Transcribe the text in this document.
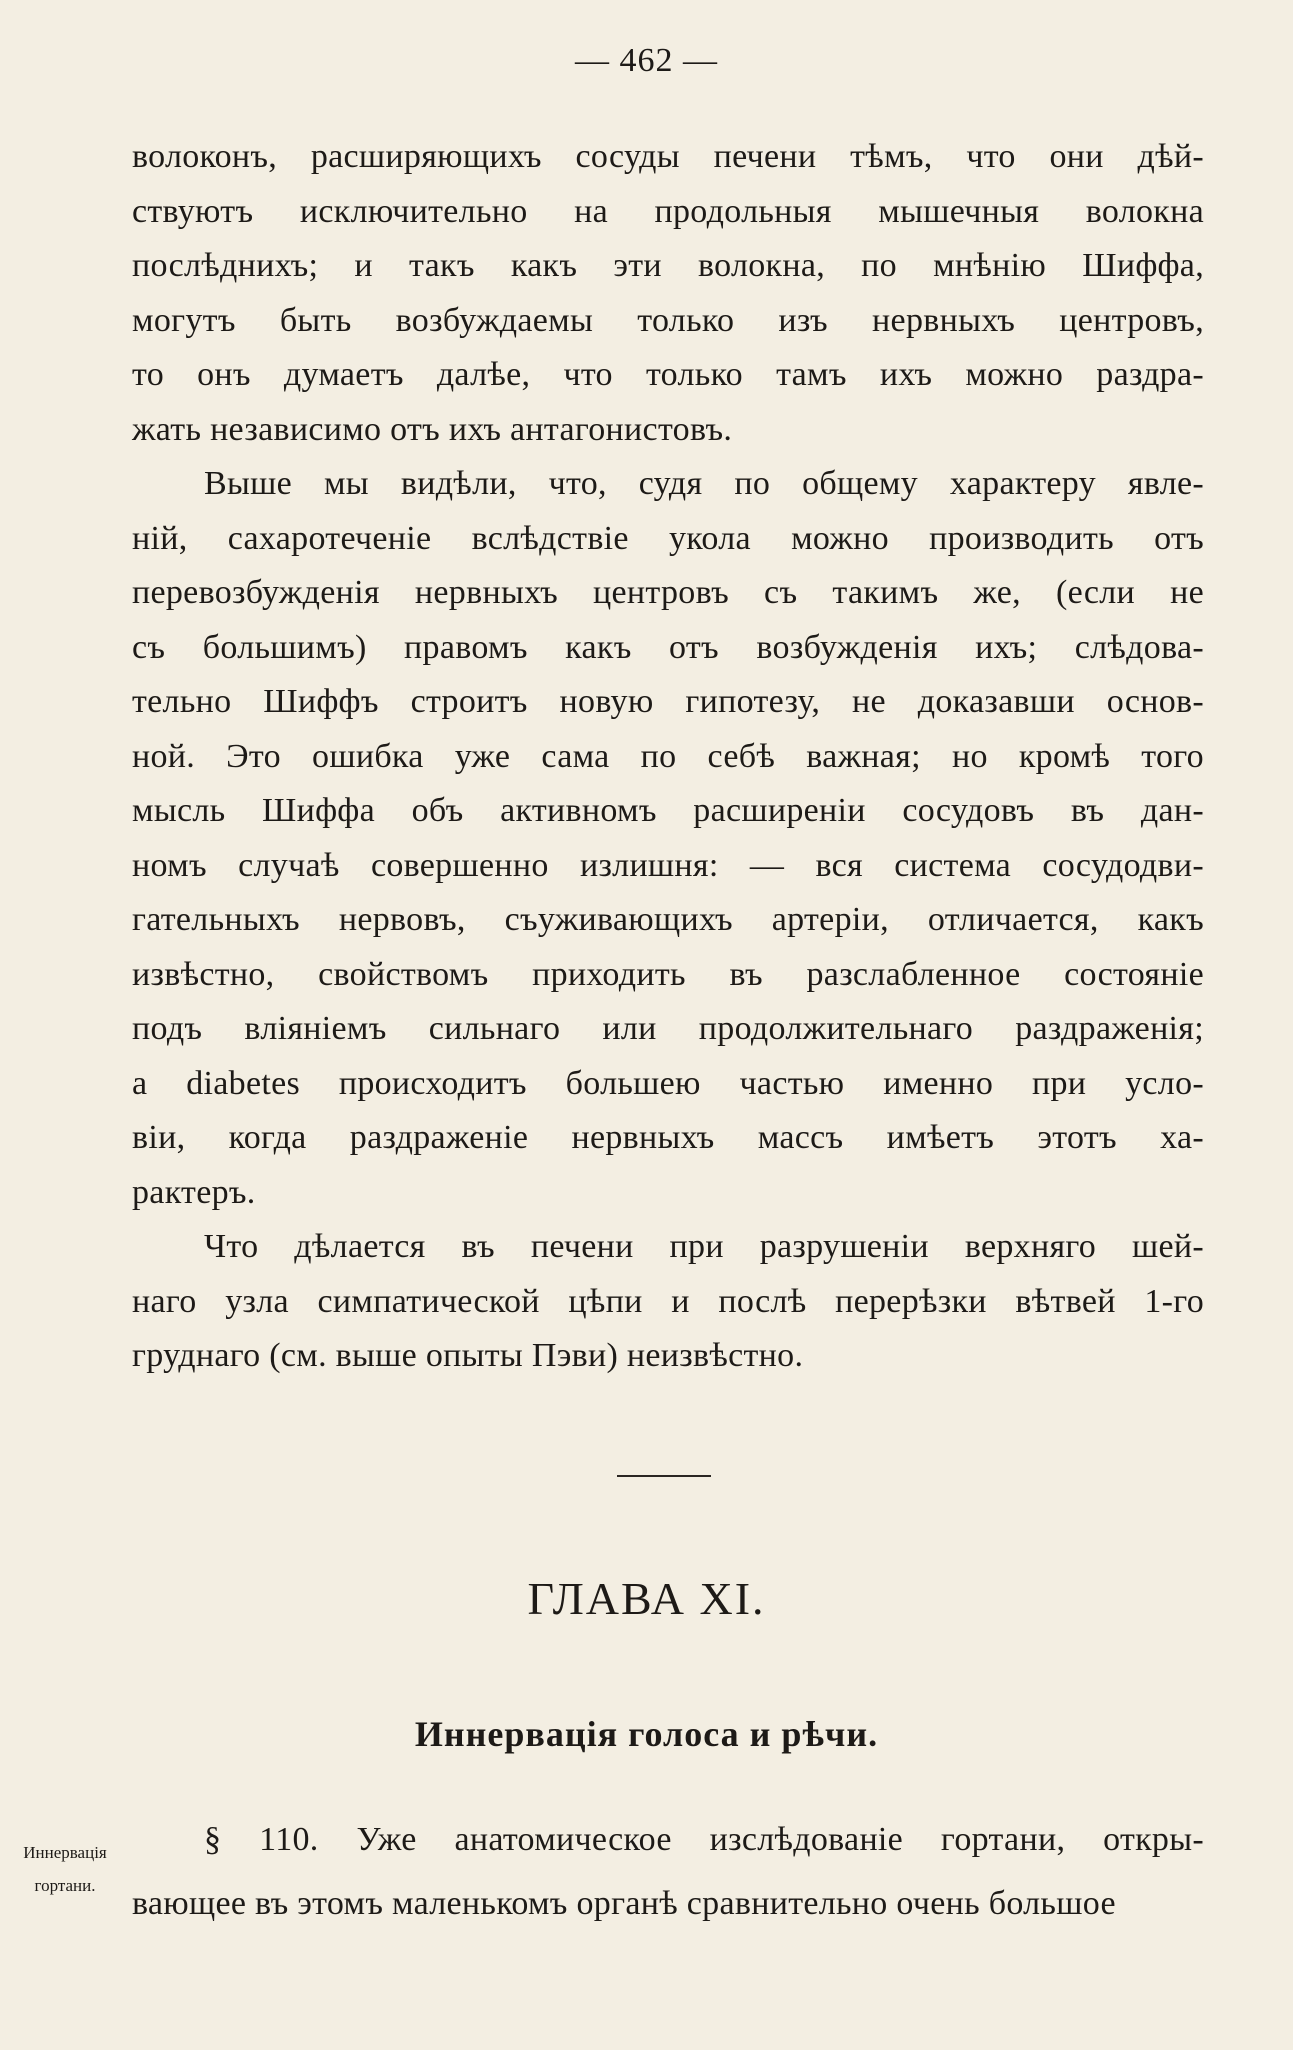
— 462 —
волоконъ, расширяющихъ сосуды печени тѣмъ, что они дѣй-
ствуютъ исключительно на продольныя мышечныя волокна
послѣднихъ; и такъ какъ эти волокна, по мнѣнію Шиффа,
могутъ быть возбуждаемы только изъ нервныхъ центровъ,
то онъ думаетъ далѣе, что только тамъ ихъ можно раздра-
жать независимо отъ ихъ антагонистовъ.
Выше мы видѣли, что, судя по общему характеру явле-
нiй, сахаротеченiе вслѣдствiе укола можно производить отъ
перевозбужденiя нервныхъ центровъ съ такимъ же, (если не
съ большимъ) правомъ какъ отъ возбужденiя ихъ; слѣдова-
тельно Шиффъ строитъ новую гипотезу, не доказавши основ-
ной. Это ошибка уже сама по себѣ важная; но кромѣ того
мысль Шиффа объ активномъ расширенiи сосудовъ въ дан-
номъ случаѣ совершенно излишня: — вся система сосудодви-
гательныхъ нервовъ, съуживающихъ артерiи, отличается, какъ
извѣстно, свойствомъ приходить въ разслабленное состоянiе
подъ влiянiемъ сильнаго или продолжительнаго раздраженiя;
а diabetes происходитъ большею частью именно при усло-
вiи, когда раздраженiе нервныхъ массъ имѣетъ этотъ ха-
рактеръ.
Что дѣлается въ печени при разрушенiи верхняго шей-
наго узла симпатической цѣпи и послѣ перерѣзки вѣтвей 1-го
груднаго (см. выше опыты Пэви) неизвѣстно.
ГЛАВА XI.
Иннервацiя голоса и рѣчи.
Иннервацiя
гортани.
§ 110. Уже анатомическое изслѣдованiе гортани, откры-
вающее въ этомъ маленькомъ органѣ сравнительно очень большое
